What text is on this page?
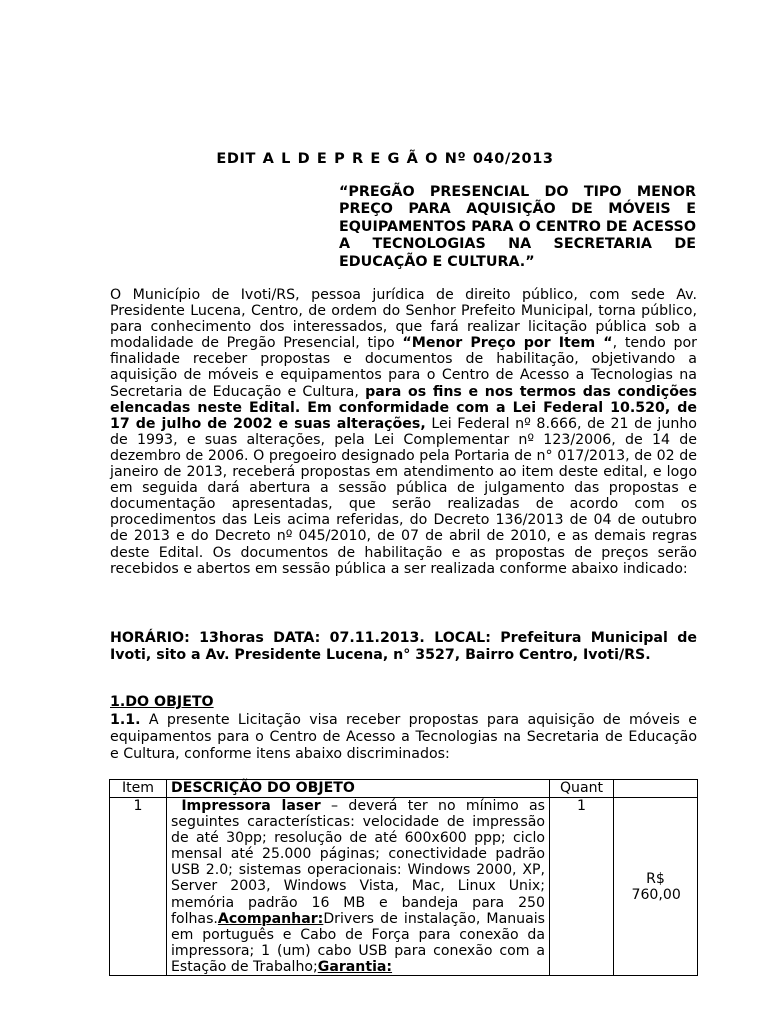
EDIT A L D E P R E G Ã O Nº 040/2013
“PREGÃO PRESENCIAL DO TIPO MENOR PREÇO PARA AQUISIÇÃO DE MÓVEIS E EQUIPAMENTOS PARA O CENTRO DE ACESSO A TECNOLOGIAS NA SECRETARIA DE EDUCAÇÃO E CULTURA.”
O Município de Ivoti/RS, pessoa jurídica de direito público, com sede Av. Presidente Lucena, Centro, de ordem do Senhor Prefeito Municipal, torna público, para conhecimento dos interessados, que fará realizar licitação pública sob a modalidade de Pregão Presencial, tipo “Menor Preço por Item “, tendo por finalidade receber propostas e documentos de habilitação, objetivando a aquisição de móveis e equipamentos para o Centro de Acesso a Tecnologias na Secretaria de Educação e Cultura, para os fins e nos termos das condições elencadas neste Edital. Em conformidade com a Lei Federal 10.520, de 17 de julho de 2002 e suas alterações, Lei Federal nº 8.666, de 21 de junho de 1993, e suas alterações, pela Lei Complementar nº 123/2006, de 14 de dezembro de 2006. O pregoeiro designado pela Portaria de n° 017/2013, de 02 de janeiro de 2013, receberá propostas em atendimento ao item deste edital, e logo em seguida dará abertura a sessão pública de julgamento das propostas e documentação apresentadas, que serão realizadas de acordo com os procedimentos das Leis acima referidas, do Decreto 136/2013 de 04 de outubro de 2013 e do Decreto nº 045/2010, de 07 de abril de 2010, e as demais regras deste Edital. Os documentos de habilitação e as propostas de preços serão recebidos e abertos em sessão pública a ser realizada conforme abaixo indicado:
HORÁRIO: 13horas DATA: 07.11.2013. LOCAL: Prefeitura Municipal de Ivoti, sito a Av. Presidente Lucena, n° 3527, Bairro Centro, Ivoti/RS.
1.DO OBJETO
1.1. A presente Licitação visa receber propostas para aquisição de móveis e equipamentos para o Centro de Acesso a Tecnologias na Secretaria de Educação e Cultura, conforme itens abaixo discriminados:
Item	DESCRIÇÃO DO OBJETO	Quant	
1	Impressora laser – deverá ter no mínimo as seguintes características: velocidade de impressão de até 30pp; resolução de até 600x600 ppp; ciclo mensal até 25.000 páginas; conectividade padrão USB 2.0; sistemas operacionais: Windows 2000, XP, Server 2003, Windows Vista, Mac, Linux Unix; memória padrão 16 MB e bandeja para 250 folhas.Acompanhar:Drivers de instalação, Manuais em português e Cabo de Força para conexão da impressora; 1 (um) cabo USB para conexão com a Estação de Trabalho;Garantia:	1	R$ 760,00
